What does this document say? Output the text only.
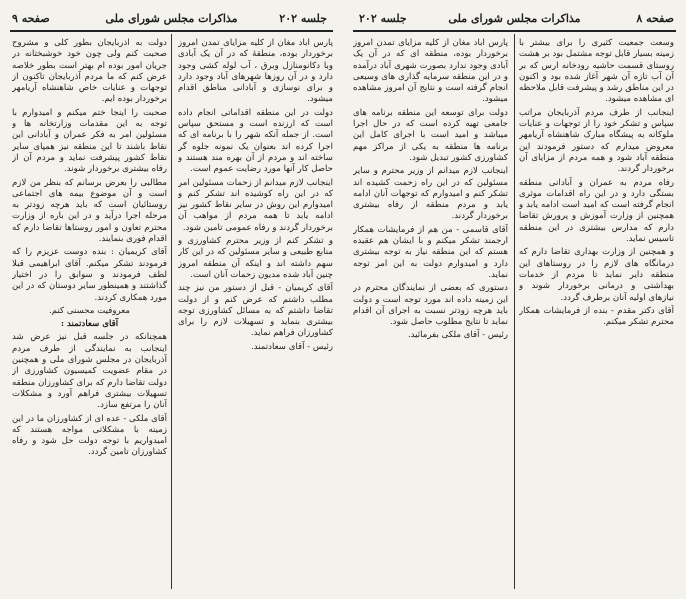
صفحه ۹	مذاکرات مجلس شورای ملی	جلسه ۲۰۲

پارس آباد مغان از کلیه مزایای تمدن امروز برخوردار بوده، منطقهٔ که در آن یک آبادی وبا دکانومنازل وبرق ، آب لوله کشی وجود دارد و در آن روزها شهرهای آباد وجود دارد و برای نوسازی و آبادانی مناطق اقدام میشود.

دولت در این منطقه اقداماتی انجام داده است که ارزنده است و مستحق سپاس است. از جمله آنکه شهر را با برنامه ای که اجرا کرده اند بعنوان یک نمونه جلوه گر ساخته اند و مردم از آن بهره مند هستند و حاصل کار آنها مورد رضایت عموم است.

اینجانب لازم میدانم از زحمات مسئولین امر که در این راه کوشیده اند تشکر کنم و امیدوارم این روش در سایر نقاط کشور نیز ادامه یابد تا همه مردم از مواهب آن برخوردار گردند و رفاه عمومی تامین شود.

و تشکر کنم از وزیر محترم کشاورزی و منابع طبیعی و سایر مسئولین که در این کار سهم داشته اند و اینکه آن منطقه امروز چنین آباد شده مدیون زحمات آنان است.

آقای کریمیان - قبل از دستور من نیز چند مطلب داشتم که عرض کنم و از دولت تقاضا داشتم که به مسائل کشاورزی توجه بیشتری بنماید و تسهیلات لازم را برای کشاورزان فراهم نماید.

رئیس - آقای سعادتمند.

دولت به آذربایجان بطور کلی و مشروح صحبت کنم ولی چون خود خوشبختانه در جریان امور بوده ام بهتر است بطور خلاصه عرض کنم که ما مردم آذربایجان تاکنون از توجهات و عنایات خاص شاهنشاه آریامهر برخوردار بوده ایم.

صحبت را اینجا ختم میکنم و امیدوارم با توجه به این مقدمات وزارتخانه ها و مسئولین امر به فکر عمران و آبادانی این نقاط باشند تا این منطقه نیز همپای سایر نقاط کشور پیشرفت نماید و مردم آن از رفاه بیشتری برخوردار شوند.

مطالبی را بعرض برسانم که بنظر من لازم است و آن موضوع بیمه های اجتماعی روستائیان است که باید هرچه زودتر به مرحله اجرا درآید و در این باره از وزارت محترم تعاون و امور روستاها تقاضا دارم که اقدام فوری بنمایند.

آقای کریمیان : بنده دوست عزیزم را که فرمودند تشکر میکنم. آقای ابراهیمی قبلا لطف فرمودند و سوابق را در اختیار گذاشتند و همینطور سایر دوستان که در این مورد همکاری کردند.

معروفیت محسنی کنم.

آقای سعادتمند :

همچنانکه در جلسه قبل نیز عرض شد اینجانب به نمایندگی از طرف مردم آذربایجان در مجلس شورای ملی و همچنین در مقام عضویت کمیسیون کشاورزی از دولت تقاضا دارم که برای کشاورزان منطقه تسهیلات بیشتری فراهم آورد و مشکلات آنان را مرتفع سازد.

آقای ملکی - عده ای از کشاورزان ما در این زمینه با مشکلاتی مواجه هستند که امیدواریم با توجه دولت حل شود و رفاه کشاورزان تامین گردد.

جلسه ۲۰۲	مذاکرات مجلس شورای ملی	صفحه ۸

وسعت جمعیت کثیری را برای بیشتر با زمینه بسیار قابل توجه مشتمل بود بر هشت روستای قسمت حاشیه رودخانه ارس که بر آن آب تازه آن شهر آغاز شده بود و اکنون در این مناطق رشد و پیشرفت قابل ملاحظه ای مشاهده میشود.

اینجانب از طرف مردم آذربایجان مراتب سپاس و تشکر خود را از توجهات و عنایات ملوکانه به پیشگاه مبارک شاهنشاه آریامهر معروض میدارم که دستور فرمودند این منطقه آباد شود و همه مردم از مزایای آن برخوردار گردند.

رفاه مردم به عمران و آبادانی منطقه بستگی دارد و در این راه اقدامات موثری انجام گرفته است که امید است ادامه یابد و همچنین از وزارت آموزش و پرورش تقاضا دارم که مدارس بیشتری در این منطقه تاسیس نماید.

و همچنین از وزارت بهداری تقاضا دارم که درمانگاه های لازم را در روستاهای این منطقه دایر نماید تا مردم از خدمات بهداشتی و درمانی برخوردار شوند و نیازهای اولیه آنان برطرف گردد.

آقای دکتر مقدم - بنده از فرمایشات همکار محترم تشکر میکنم.

پارس آباد مغان از کلیه مزایای تمدن امروز برخوردار بوده، منطقه ای که در آن یک آبادی وجود ندارد بصورت شهری آباد درآمده و در این منطقه سرمایه گذاری های وسیعی انجام گرفته است و نتایج آن امروز مشاهده میشود.

دولت برای توسعه این منطقه برنامه های جامعی تهیه کرده است که در حال اجرا میباشد و امید است با اجرای کامل این برنامه ها منطقه به یکی از مراکز مهم کشاورزی کشور تبدیل شود.

اینجانب لازم میدانم از وزیر محترم و سایر مسئولین که در این راه زحمت کشیده اند تشکر کنم و امیدوارم که توجهات آنان ادامه یابد و مردم منطقه از رفاه بیشتری برخوردار گردند.

آقای قاسمی - من هم از فرمایشات همکار ارجمند تشکر میکنم و با ایشان هم عقیده هستم که این منطقه نیاز به توجه بیشتری دارد و امیدوارم دولت به این امر توجه نماید.

دستوری که بعضی از نمایندگان محترم در این زمینه داده اند مورد توجه است و دولت باید هرچه زودتر نسبت به اجرای آن اقدام نماید تا نتایج مطلوب حاصل شود.

رئیس - آقای ملکی بفرمائید.
